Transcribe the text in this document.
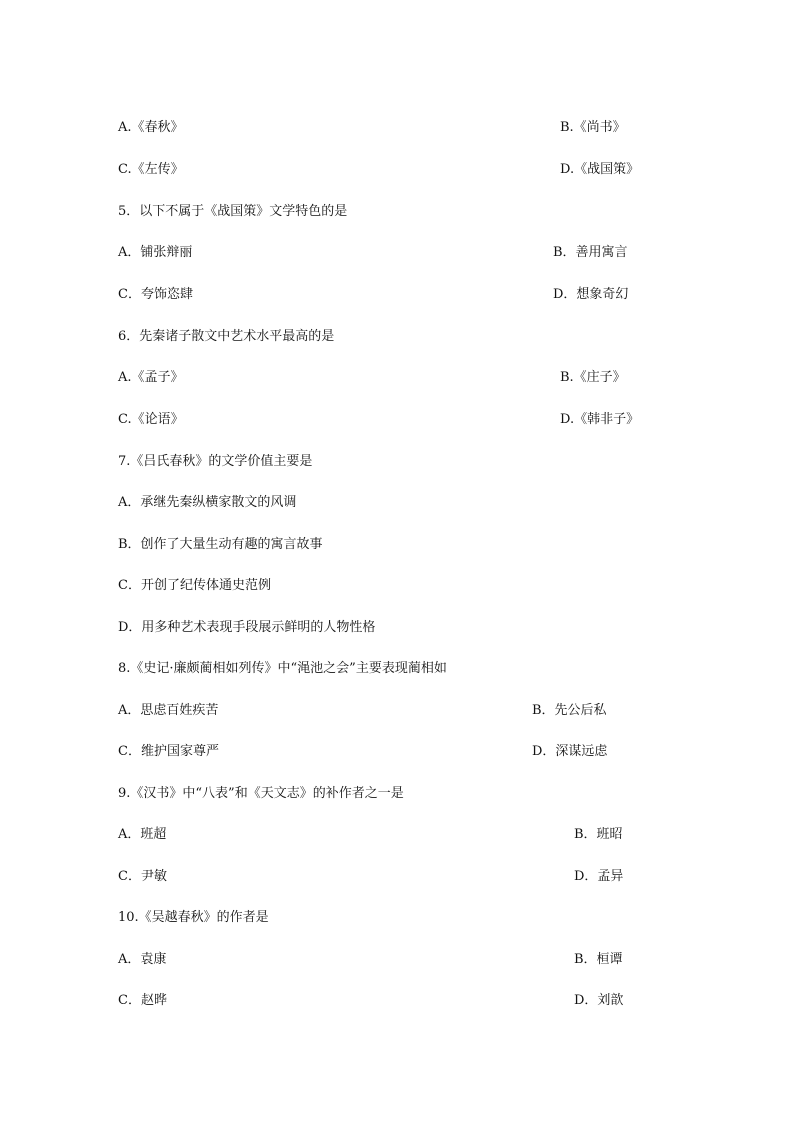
A.《春秋》	B.《尚书》
C.《左传》	D.《战国策》
5．以下不属于《战国策》文学特色的是
A．铺张辩丽	B．善用寓言
C．夸饰恣肆	D．想象奇幻
6．先秦诸子散文中艺术水平最高的是
A.《孟子》	B.《庄子》
C.《论语》	D.《韩非子》
7.《吕氏春秋》的文学价值主要是
A．承继先秦纵横家散文的风调
B．创作了大量生动有趣的寓言故事
C．开创了纪传体通史范例
D．用多种艺术表现手段展示鲜明的人物性格
8.《史记·廉颇蔺相如列传》中“渑池之会”主要表现蔺相如
A．思虑百姓疾苦	B．先公后私
C．维护国家尊严	D．深谋远虑
9.《汉书》中“八表”和《天文志》的补作者之一是
A．班超	B．班昭
C．尹敏	D．孟异
10.《吴越春秋》的作者是
A．袁康	B．桓谭
C．赵晔	D．刘歆
